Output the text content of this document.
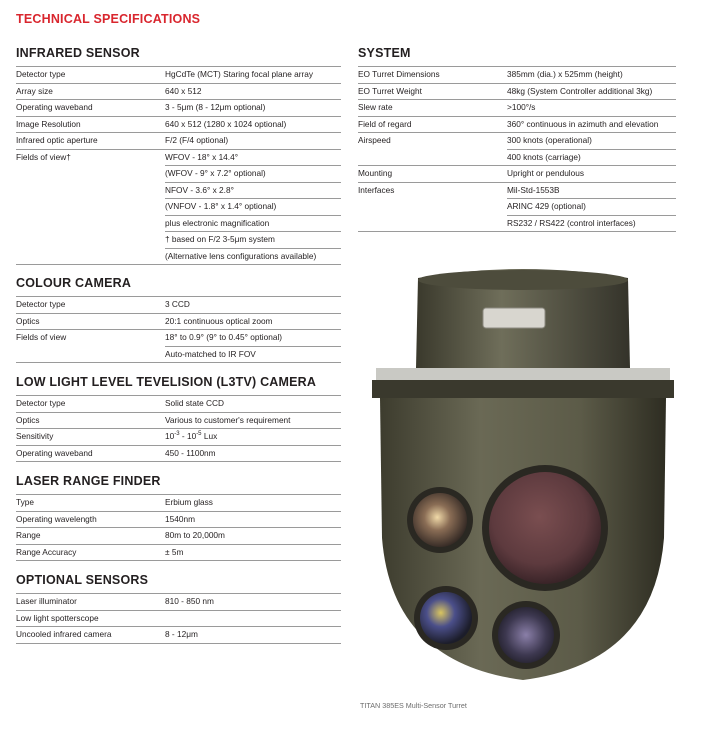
TECHNICAL SPECIFICATIONS
INFRARED SENSOR
Detector type	HgCdTe (MCT) Staring focal plane array
Array size	640 x 512
Operating waveband	3 - 5μm (8 - 12μm optional)
Image Resolution	640 x 512 (1280 x 1024 optional)
Infrared optic aperture	F/2 (F/4 optional)
Fields of view†	WFOV - 18° x 14.4°
(WFOV - 9° x 7.2° optional)
NFOV - 3.6° x 2.8°
(VNFOV - 1.8° x 1.4° optional)
plus electronic magnification
† based on F/2 3-5μm system
(Alternative lens configurations available)
SYSTEM
EO Turret Dimensions	385mm (dia.) x 525mm (height)
EO Turret Weight	48kg (System Controller additional 3kg)
Slew rate	>100°/s
Field of regard	360° continuous in azimuth and elevation
Airspeed	300 knots (operational)
400 knots (carriage)
Mounting	Upright or pendulous
Interfaces	Mil-Std-1553B
ARINC 429 (optional)
RS232 / RS422 (control interfaces)
COLOUR CAMERA
Detector type	3 CCD
Optics	20:1 continuous optical zoom
Fields of view	18° to 0.9° (9° to 0.45° optional)
Auto-matched to IR FOV
LOW LIGHT LEVEL TEVELISION (L3TV) CAMERA
Detector type	Solid state CCD
Optics	Various to customer's requirement
Sensitivity	$10^{-3} - 10^{-5}$ Lux
Operating waveband	450 - 1100nm
LASER RANGE FINDER
Type	Erbium glass
Operating wavelength	1540nm
Range	80m to 20,000m
Range Accuracy	± 5m
OPTIONAL SENSORS
Laser illuminator	810 - 850 nm
Low light spotterscope
Uncooled infrared camera	8 - 12μm
TITAN 385ES Multi-Sensor Turret
